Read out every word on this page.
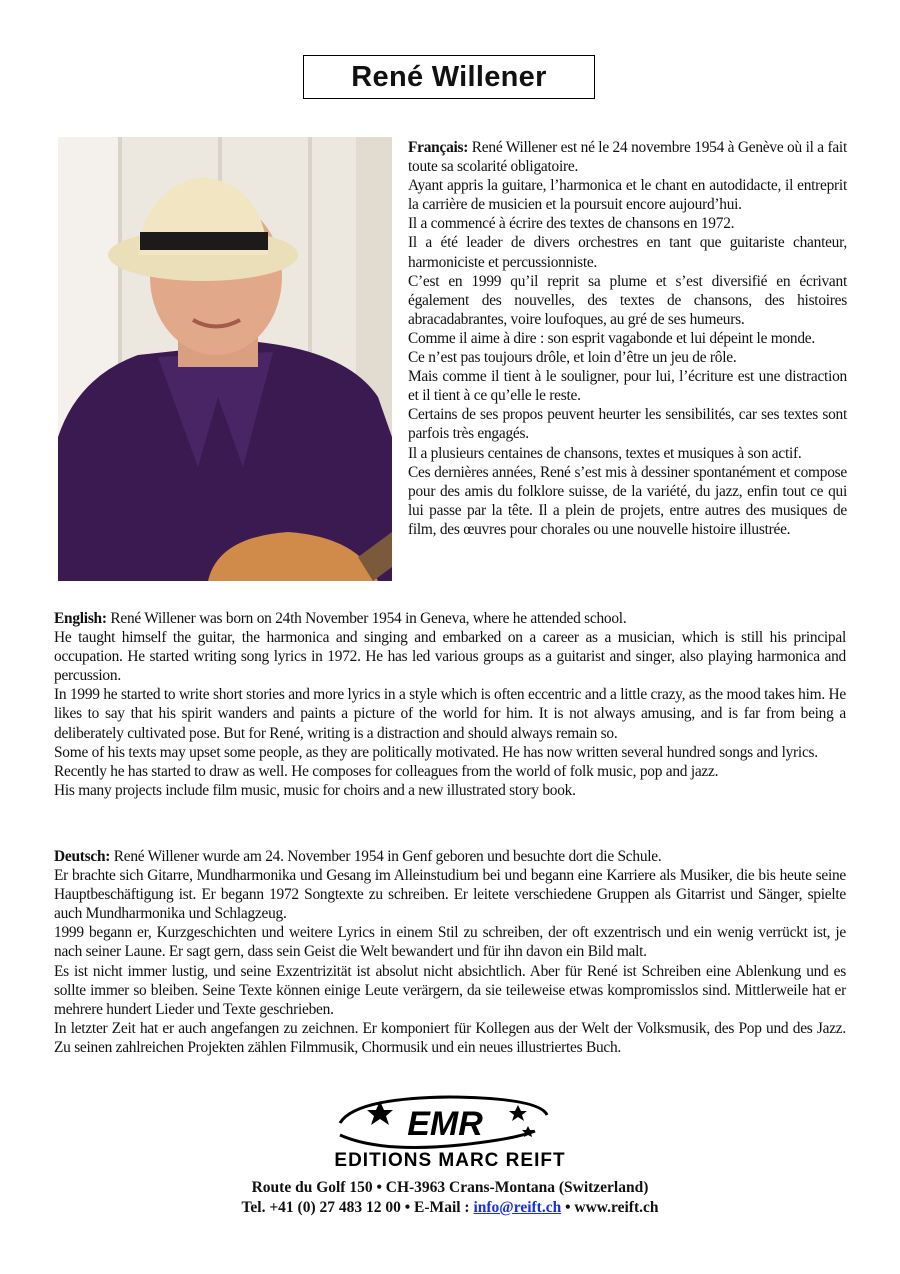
René Willener

Français: René Willener est né le 24 novembre 1954 à Genève où il a fait toute sa scolarité obligatoire.

Ayant appris la guitare, l’harmonica et le chant en autodidacte, il entreprit la carrière de musicien et la poursuit encore aujourd’hui.

Il a commencé à écrire des textes de chansons en 1972.

Il a été leader de divers orchestres en tant que guitariste chanteur, harmoniciste et percussionniste.

C’est en 1999 qu’il reprit sa plume et s’est diversifié en écrivant également des nouvelles, des textes de chansons, des histoires abracadabrantes, voire loufoques, au gré de ses humeurs.

Comme il aime à dire : son esprit vagabonde et lui dépeint le monde.

Ce n’est pas toujours drôle, et loin d’être un jeu de rôle.

Mais comme il tient à le souligner, pour lui, l’écriture est une distraction et il tient à ce qu’elle le reste.

Certains de ses propos peuvent heurter les sensibilités, car ses textes sont parfois très engagés.

Il a plusieurs centaines de chansons, textes et musiques à son actif.

Ces dernières années, René s’est mis à dessiner spontanément et compose pour des amis du folklore suisse, de la variété, du jazz, enfin tout ce qui lui passe par la tête. Il a plein de projets, entre autres des musiques de film, des œuvres pour chorales ou une nouvelle histoire illustrée.

English: René Willener was born on 24th November 1954 in Geneva, where he attended school.

He taught himself the guitar, the harmonica and singing and embarked on a career as a musician, which is still his principal occupation. He started writing song lyrics in 1972. He has led various groups as a guitarist and singer, also playing harmonica and percussion.

In 1999 he started to write short stories and more lyrics in a style which is often eccentric and a little crazy, as the mood takes him. He likes to say that his spirit wanders and paints a picture of the world for him. It is not always amusing, and is far from being a deliberately cultivated pose. But for René, writing is a distraction and should always remain so.

Some of his texts may upset some people, as they are politically motivated. He has now written several hundred songs and lyrics.

Recently he has started to draw as well. He composes for colleagues from the world of folk music, pop and jazz.

His many projects include film music, music for choirs and a new illustrated story book.

Deutsch: René Willener wurde am 24. November 1954 in Genf geboren und besuchte dort die Schule.

Er brachte sich Gitarre, Mundharmonika und Gesang im Alleinstudium bei und begann eine Karriere als Musiker, die bis heute seine Hauptbeschäftigung ist. Er begann 1972 Songtexte zu schreiben. Er leitete verschiedene Gruppen als Gitarrist und Sänger, spielte auch Mundharmonika und Schlagzeug.

1999 begann er, Kurzgeschichten und weitere Lyrics in einem Stil zu schreiben, der oft exzentrisch und ein wenig verrückt ist, je nach seiner Laune. Er sagt gern, dass sein Geist die Welt bewandert und für ihn davon ein Bild malt.

Es ist nicht immer lustig, und seine Exzentrizität ist absolut nicht absichtlich. Aber für René ist Schreiben eine Ablenkung und es sollte immer so bleiben. Seine Texte können einige Leute verärgern, da sie teileweise etwas kompromisslos sind. Mittlerweile hat er mehrere hundert Lieder und Texte geschrieben.

In letzter Zeit hat er auch angefangen zu zeichnen. Er komponiert für Kollegen aus der Welt der Volksmusik, des Pop und des Jazz. Zu seinen zahlreichen Projekten zählen Filmmusik, Chormusik und ein neues illustriertes Buch.

EMR
EDITIONS MARC REIFT
Route du Golf 150 • CH-3963 Crans-Montana (Switzerland)
Tel. +41 (0) 27 483 12 00 • E-Mail : info@reift.ch • www.reift.ch
